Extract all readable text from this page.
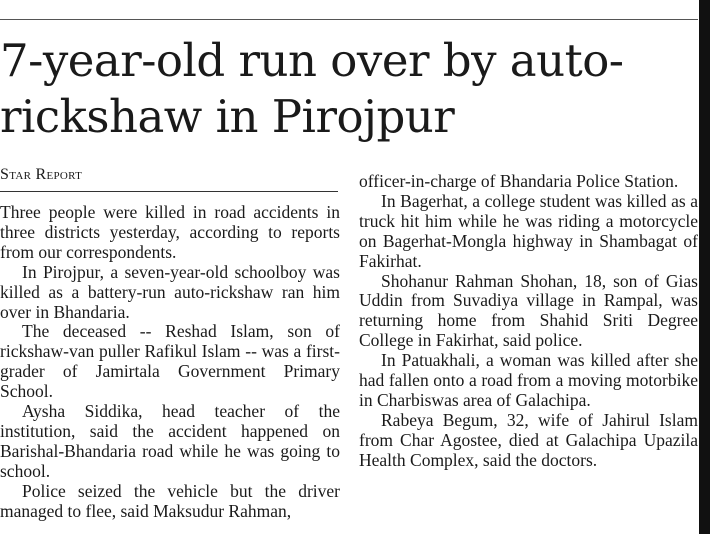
7-year-old run over by auto-
rickshaw in Pirojpur
Star Report

Three people were killed in road accidents in three districts yesterday, according to reports from our correspondents.

In Pirojpur, a seven-year-old schoolboy was killed as a battery-run auto-rickshaw ran him over in Bhandaria.

The deceased -- Reshad Islam, son of rickshaw-van puller Rafikul Islam -- was a first-grader of Jamirtala Government Primary School.

Aysha Siddika, head teacher of the institution, said the accident happened on Barishal-Bhandaria road while he was going to school.

Police seized the vehicle but the driver managed to flee, said Maksudur Rahman,

officer-in-charge of Bhandaria Police Station.

In Bagerhat, a college student was killed as a truck hit him while he was riding a motorcycle on Bagerhat-Mongla highway in Shambagat of Fakirhat.

Shohanur Rahman Shohan, 18, son of Gias Uddin from Suvadiya village in Rampal, was returning home from Shahid Sriti Degree College in Fakirhat, said police.

In Patuakhali, a woman was killed after she had fallen onto a road from a moving motorbike in Charbiswas area of Galachipa.

Rabeya Begum, 32, wife of Jahirul Islam from Char Agostee, died at Galachipa Upazila Health Complex, said the doctors.
